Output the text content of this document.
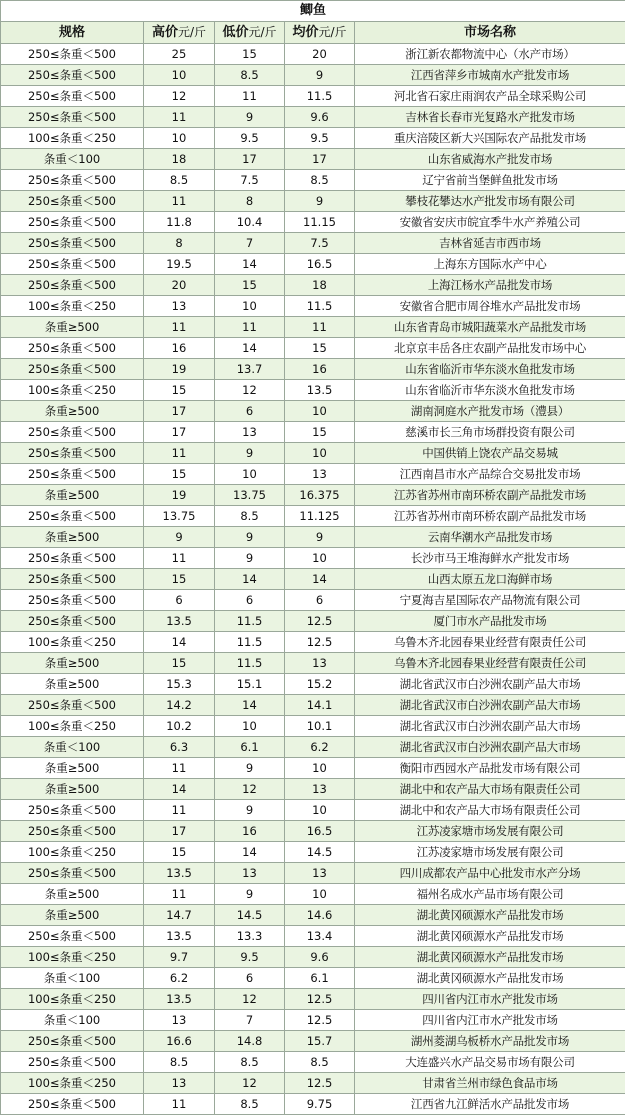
鲫鱼				
规格	高价元/斤	低价元/斤	均价元/斤	市场名称
250≤条重＜500	25	15	20	浙江新农都物流中心（水产市场）
250≤条重＜500	10	8.5	9	江西省萍乡市城南水产批发市场
250≤条重＜500	12	11	11.5	河北省石家庄雨润农产品全球采购公司
250≤条重＜500	11	9	9.6	吉林省长春市光复路水产批发市场
100≤条重＜250	10	9.5	9.5	重庆涪陵区新大兴国际农产品批发市场
条重＜100	18	17	17	山东省威海水产批发市场
250≤条重＜500	8.5	7.5	8.5	辽宁省前当堡鲜鱼批发市场
250≤条重＜500	11	8	9	攀枝花攀达水产批发市场有限公司
250≤条重＜500	11.8	10.4	11.15	安徽省安庆市皖宜季牛水产养殖公司
250≤条重＜500	8	7	7.5	吉林省延吉市西市场
250≤条重＜500	19.5	14	16.5	上海东方国际水产中心
250≤条重＜500	20	15	18	上海江杨水产品批发市场
100≤条重＜250	13	10	11.5	安徽省合肥市周谷堆水产品批发市场
条重≥500	11	11	11	山东省青岛市城阳蔬菜水产品批发市场
250≤条重＜500	16	14	15	北京京丰岳各庄农副产品批发市场中心
250≤条重＜500	19	13.7	16	山东省临沂市华东淡水鱼批发市场
100≤条重＜250	15	12	13.5	山东省临沂市华东淡水鱼批发市场
条重≥500	17	6	10	湖南洞庭水产批发市场（澧县）
250≤条重＜500	17	13	15	慈溪市长三角市场群投资有限公司
250≤条重＜500	11	9	10	中国供销上饶农产品交易城
250≤条重＜500	15	10	13	江西南昌市水产品综合交易批发市场
条重≥500	19	13.75	16.375	江苏省苏州市南环桥农副产品批发市场
250≤条重＜500	13.75	8.5	11.125	江苏省苏州市南环桥农副产品批发市场
条重≥500	9	9	9	云南华潮水产品批发市场
250≤条重＜500	11	9	10	长沙市马王堆海鲜水产批发市场
250≤条重＜500	15	14	14	山西太原五龙口海鲜市场
250≤条重＜500	6	6	6	宁夏海吉星国际农产品物流有限公司
250≤条重＜500	13.5	11.5	12.5	厦门市水产品批发市场
100≤条重＜250	14	11.5	12.5	乌鲁木齐北园春果业经营有限责任公司
条重≥500	15	11.5	13	乌鲁木齐北园春果业经营有限责任公司
条重≥500	15.3	15.1	15.2	湖北省武汉市白沙洲农副产品大市场
250≤条重＜500	14.2	14	14.1	湖北省武汉市白沙洲农副产品大市场
100≤条重＜250	10.2	10	10.1	湖北省武汉市白沙洲农副产品大市场
条重＜100	6.3	6.1	6.2	湖北省武汉市白沙洲农副产品大市场
条重≥500	11	9	10	衡阳市西园水产品批发市场有限公司
条重≥500	14	12	13	湖北中和农产品大市场有限责任公司
250≤条重＜500	11	9	10	湖北中和农产品大市场有限责任公司
250≤条重＜500	17	16	16.5	江苏凌家塘市场发展有限公司
100≤条重＜250	15	14	14.5	江苏凌家塘市场发展有限公司
250≤条重＜500	13.5	13	13	四川成都农产品中心批发市水产分场
条重≥500	11	9	10	福州名成水产品市场有限公司
条重≥500	14.7	14.5	14.6	湖北黄冈硕源水产品批发市场
250≤条重＜500	13.5	13.3	13.4	湖北黄冈硕源水产品批发市场
100≤条重＜250	9.7	9.5	9.6	湖北黄冈硕源水产品批发市场
条重＜100	6.2	6	6.1	湖北黄冈硕源水产品批发市场
100≤条重＜250	13.5	12	12.5	四川省内江市水产批发市场
条重＜100	13	7	12.5	四川省内江市水产批发市场
250≤条重＜500	16.6	14.8	15.7	湖州菱湖乌板桥水产品批发市场
250≤条重＜500	8.5	8.5	8.5	大连盛兴水产品交易市场有限公司
100≤条重＜250	13	12	12.5	甘肃省兰州市绿色食品市场
250≤条重＜500	11	8.5	9.75	江西省九江鲜活水产品批发市场
